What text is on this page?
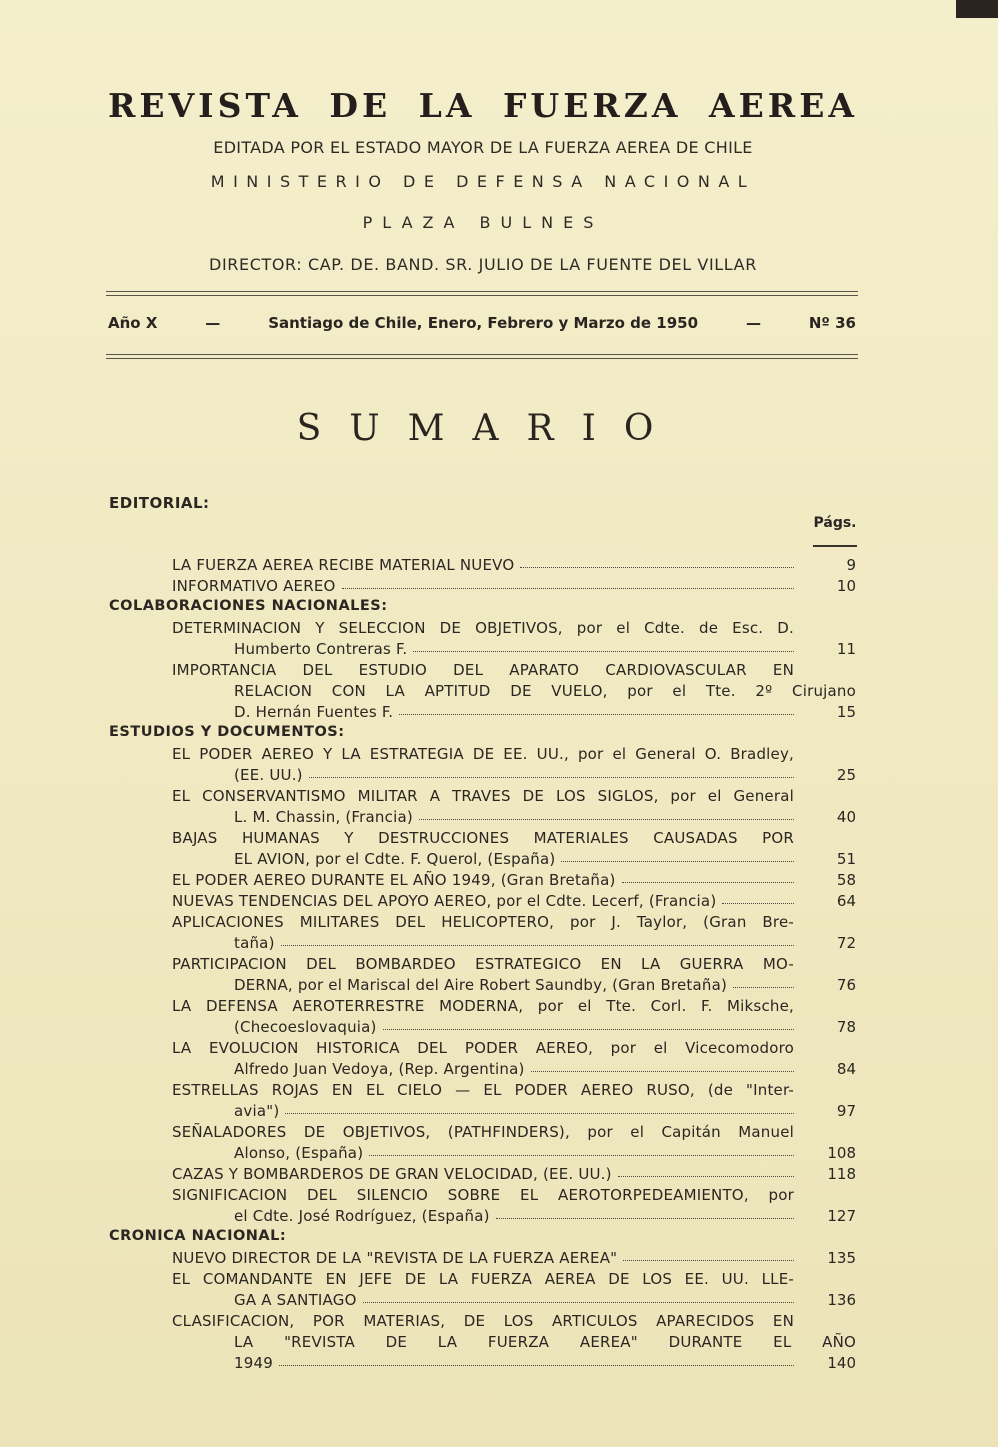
REVISTA DE LA FUERZA AEREA
EDITADA POR EL ESTADO MAYOR DE LA FUERZA AEREA DE CHILE
MINISTERIO DE DEFENSA NACIONAL
PLAZA BULNES
DIRECTOR: CAP. DE. BAND. SR. JULIO DE LA FUENTE DEL VILLAR
Año X	—	Santiago de Chile, Enero, Febrero y Marzo de 1950	—	Nº 36
SUMARIO
EDITORIAL:
Págs.
LA FUERZA AEREA RECIBE MATERIAL NUEVO	9
INFORMATIVO AEREO	10
COLABORACIONES NACIONALES:
DETERMINACION Y SELECCION DE OBJETIVOS, por el Cdte. de Esc. D.
Humberto Contreras F.	11
IMPORTANCIA DEL ESTUDIO DEL APARATO CARDIOVASCULAR EN
RELACION CON LA APTITUD DE VUELO, por el Tte. 2º Cirujano
D. Hernán Fuentes F.	15
ESTUDIOS Y DOCUMENTOS:
EL PODER AEREO Y LA ESTRATEGIA DE EE. UU., por el General O. Bradley,
(EE. UU.)	25
EL CONSERVANTISMO MILITAR A TRAVES DE LOS SIGLOS, por el General
L. M. Chassin, (Francia)	40
BAJAS HUMANAS Y DESTRUCCIONES MATERIALES CAUSADAS POR
EL AVION, por el Cdte. F. Querol, (España)	51
EL PODER AEREO DURANTE EL AÑO 1949, (Gran Bretaña)	58
NUEVAS TENDENCIAS DEL APOYO AEREO, por el Cdte. Lecerf, (Francia)	64
APLICACIONES MILITARES DEL HELICOPTERO, por J. Taylor, (Gran Bre-
taña)	72
PARTICIPACION DEL BOMBARDEO ESTRATEGICO EN LA GUERRA MO-
DERNA, por el Mariscal del Aire Robert Saundby, (Gran Bretaña)	76
LA DEFENSA AEROTERRESTRE MODERNA, por el Tte. Corl. F. Miksche,
(Checoeslovaquia)	78
LA EVOLUCION HISTORICA DEL PODER AEREO, por el Vicecomodoro
Alfredo Juan Vedoya, (Rep. Argentina)	84
ESTRELLAS ROJAS EN EL CIELO — EL PODER AEREO RUSO, (de "Inter-
avia")	97
SEÑALADORES DE OBJETIVOS, (PATHFINDERS), por el Capitán Manuel
Alonso, (España)	108
CAZAS Y BOMBARDEROS DE GRAN VELOCIDAD, (EE. UU.)	118
SIGNIFICACION DEL SILENCIO SOBRE EL AEROTORPEDEAMIENTO, por
el Cdte. José Rodríguez, (España)	127
CRONICA NACIONAL:
NUEVO DIRECTOR DE LA "REVISTA DE LA FUERZA AEREA"	135
EL COMANDANTE EN JEFE DE LA FUERZA AEREA DE LOS EE. UU. LLE-
GA A SANTIAGO	136
CLASIFICACION, POR MATERIAS, DE LOS ARTICULOS APARECIDOS EN
LA "REVISTA DE LA FUERZA AEREA" DURANTE EL AÑO
1949	140
